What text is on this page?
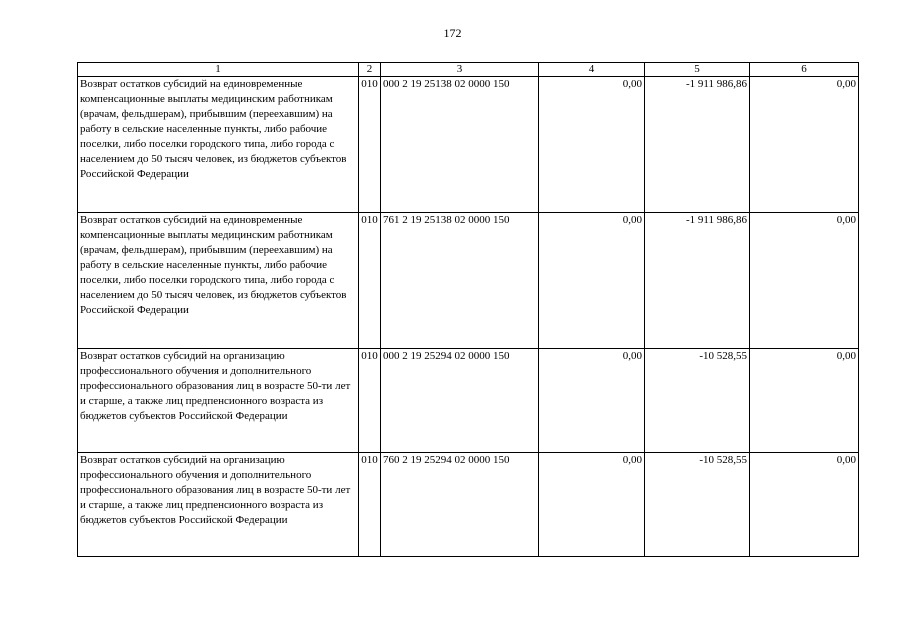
172
1	2	3	4	5	6
Возврат остатков субсидий на единовременные компенсационные выплаты медицинским работникам (врачам, фельдшерам), прибывшим (переехавшим) на работу в сельские населенные пункты, либо рабочие поселки, либо поселки городского типа, либо города с населением до 50 тысяч человек, из бюджетов субъектов Российской Федерации	010	000 2 19 25138 02 0000 150	0,00	-1 911 986,86	0,00
Возврат остатков субсидий на единовременные компенсационные выплаты медицинским работникам (врачам, фельдшерам), прибывшим (переехавшим) на работу в сельские населенные пункты, либо рабочие поселки, либо поселки городского типа, либо города с населением до 50 тысяч человек, из бюджетов субъектов Российской Федерации	010	761 2 19 25138 02 0000 150	0,00	-1 911 986,86	0,00
Возврат остатков субсидий на организацию профессионального обучения и дополнительного профессионального образования лиц в возрасте 50-ти лет и старше, а также лиц предпенсионного возраста из бюджетов субъектов Российской Федерации	010	000 2 19 25294 02 0000 150	0,00	-10 528,55	0,00
Возврат остатков субсидий на организацию профессионального обучения и дополнительного профессионального образования лиц в возрасте 50-ти лет и старше, а также лиц предпенсионного возраста из бюджетов субъектов Российской Федерации	010	760 2 19 25294 02 0000 150	0,00	-10 528,55	0,00
